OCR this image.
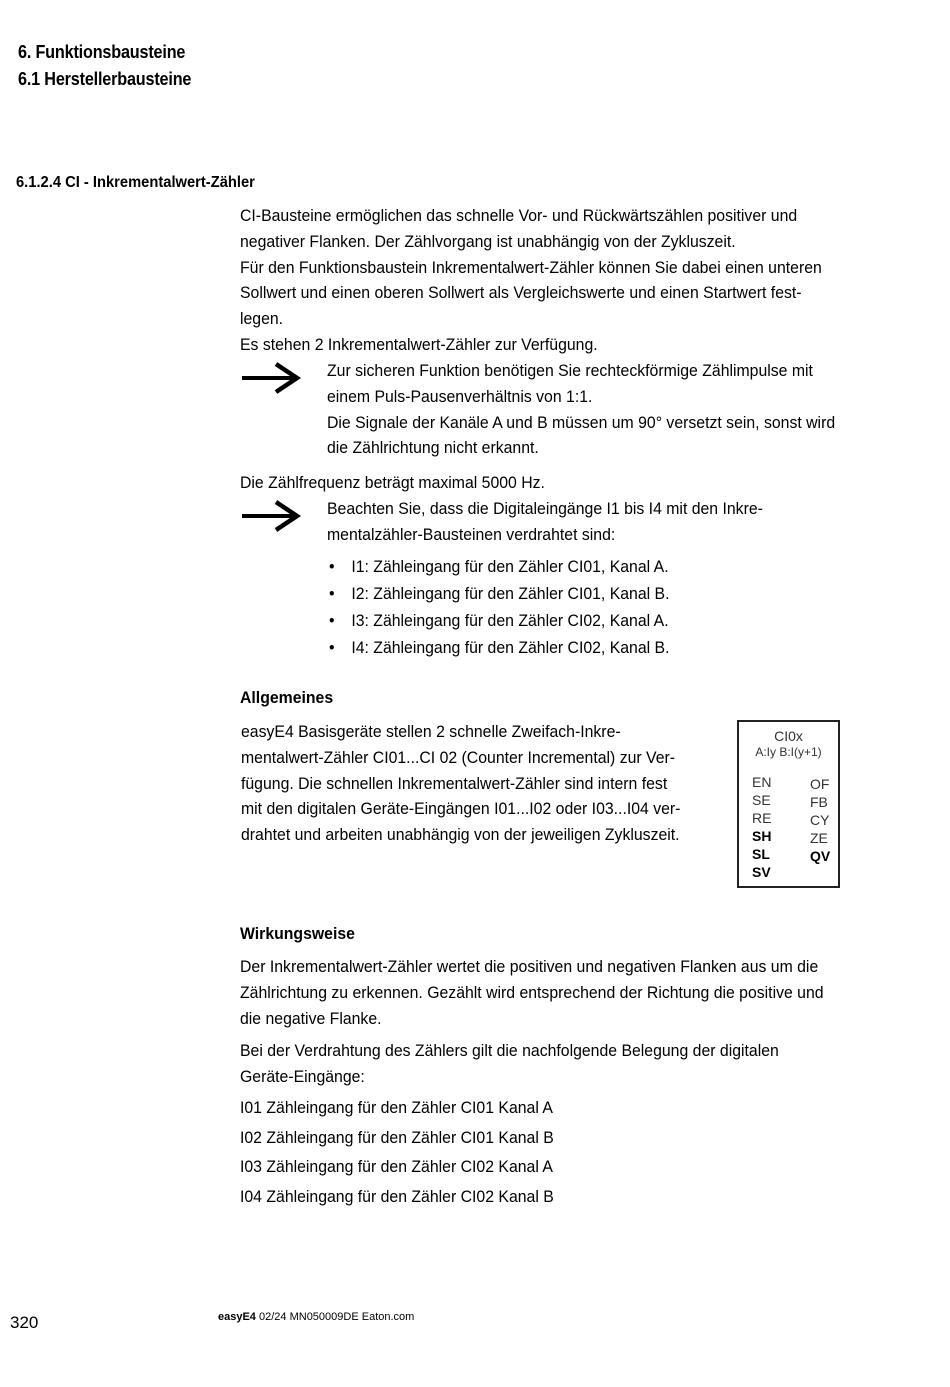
6. Funktionsbausteine
6.1 Herstellerbausteine
6.1.2.4 CI - Inkrementalwert-Zähler
CI-Bausteine ermöglichen das schnelle Vor- und Rückwärtszählen positiver und
negativer Flanken. Der Zählvorgang ist unabhängig von der Zykluszeit.
Für den Funktionsbaustein Inkrementalwert-Zähler können Sie dabei einen unteren
Sollwert und einen oberen Sollwert als Vergleichswerte und einen Startwert fest-
legen.
Es stehen 2 Inkrementalwert-Zähler zur Verfügung.
Zur sicheren Funktion benötigen Sie rechteckförmige Zählimpulse mit
einem Puls-Pausenverhältnis von 1:1.
Die Signale der Kanäle A und B müssen um 90° versetzt sein, sonst wird
die Zählrichtung nicht erkannt.
Die Zählfrequenz beträgt maximal 5000 Hz.
Beachten Sie, dass die Digitaleingänge I1 bis I4 mit den Inkre-
mentalzähler-Bausteinen verdrahtet sind:
• I1: Zähleingang für den Zähler CI01, Kanal A.
• I2: Zähleingang für den Zähler CI01, Kanal B.
• I3: Zähleingang für den Zähler CI02, Kanal A.
• I4: Zähleingang für den Zähler CI02, Kanal B.
Allgemeines
easyE4 Basisgeräte stellen 2 schnelle Zweifach-Inkre-
mentalwert-Zähler CI01...CI 02 (Counter Incremental) zur Ver-
fügung. Die schnellen Inkrementalwert-Zähler sind intern fest
mit den digitalen Geräte-Eingängen I01...I02 oder I03...I04 ver-
drahtet und arbeiten unabhängig von der jeweiligen Zykluszeit.
CI0x
A:Iy B:I(y+1)
EN
SE
RE
SH
SL
SV
OF
FB
CY
ZE
QV
Wirkungsweise
Der Inkrementalwert-Zähler wertet die positiven und negativen Flanken aus um die
Zählrichtung zu erkennen. Gezählt wird entsprechend der Richtung die positive und
die negative Flanke.
Bei der Verdrahtung des Zählers gilt die nachfolgende Belegung der digitalen
Geräte-Eingänge:
I01 Zähleingang für den Zähler CI01 Kanal A
I02 Zähleingang für den Zähler CI01 Kanal B
I03 Zähleingang für den Zähler CI02 Kanal A
I04 Zähleingang für den Zähler CI02 Kanal B
320	easyE4 02/24 MN050009DE Eaton.com
